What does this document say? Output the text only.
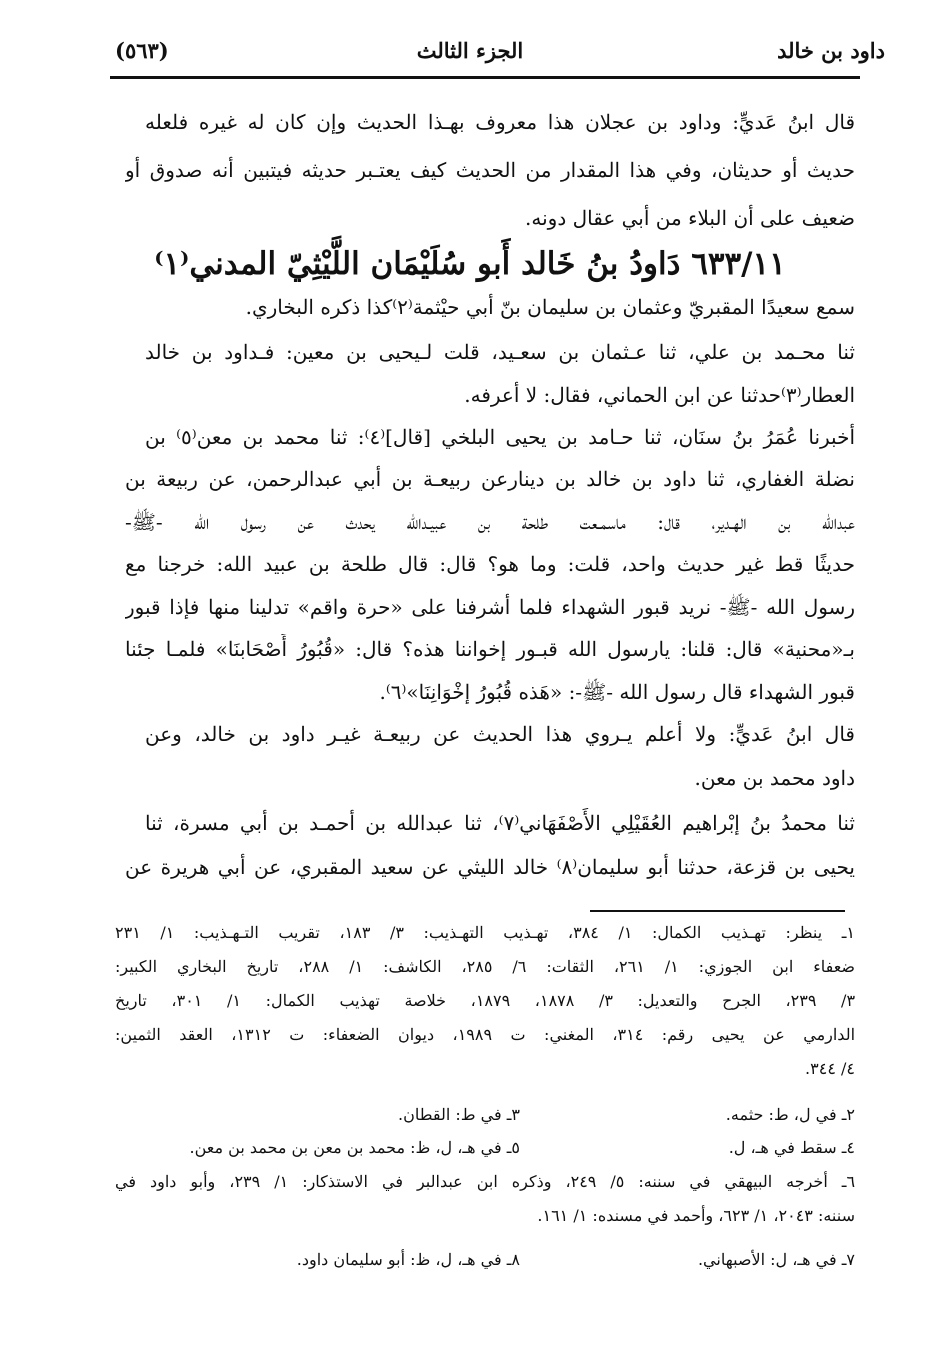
داود بن خالد
الجزء الثالث
(٥٦٣)
قال ابنُ عَديٍّ: وداود بن عجلان هذا معروف بهـذا الحديث وإن كان له غيره فلعله
حديث أو حديثان، وفي هذا المقدار من الحديث كيف يعتـبر حديثه فيتبين أنه صدوق أو
ضعيف على أن البلاء من أبي عقال دونه.
٦٣٣/١١ دَاودُ بنُ خَالد أَبو سُلَيْمَان اللَّيْثِيّ المدني⁽١⁾
سمع سعيدًا المقبريّ وعثمان بن سليمان بنّ أبي حيْثمة⁽٢⁾كذا ذكره البخاري.
ثنا محـمد بن علي، ثنا عـثمان بن سعـيد، قلت لـيحيى بن معين: فـداود بن خالد
العطار⁽٣⁾حدثنا عن ابن الحماني، فقال: لا أعرفه.
أخبرنا عُمَرُ بنُ سنَان، ثنا حـامد بن يحيى البلخي [قال]⁽٤⁾: ثنا محمد بن معن⁽٥⁾ بن
نضلة الغفاري، ثنا داود بن خالد بن دينارعن ربيعـة بن أبي عبدالرحمن، عن ربيعة بن
عبدالله بن الهـدير، قال: ماسمـعت طلحة بن عبيـدالله يحدث عن رسول الله -ﷺ-
حديثًا قط غير حديث واحد، قلت: وما هو؟ قال: قال طلحة بن عبيد الله: خرجنا مع
رسول الله -ﷺ- نريد قبور الشهداء فلما أشرفنا على «حرة واقم» تدلينا منها فإذا قبور
بـ«محنية» قال: قلنا: يارسول الله قبـور إخواننا هذه؟ قال: «قُبُورُ أَصْحَابنَا» فلمـا جئنا
قبور الشهداء قال رسول الله -ﷺ-: «هَذه قُبُورُ إخْوَانِنَا»⁽٦⁾.
قال ابنُ عَديٍّ: ولا أعلم يـروي هذا الحديث عن ربيعـة غيـر داود بن خالد، وعن
داود محمد بن معن.
ثنا محمدُ بنُ إبْراهيم العُقَيْلِي الأَصْفَهَاني⁽٧⁾، ثنا عبدالله بن أحمـد بن أبي مسرة، ثنا
يحيى بن قزعة، حدثنا أبو سليمان⁽٨⁾ خالد الليثي عن سعيد المقبري، عن أبي هريرة عن
١ـ ينظر: تهـذيب الكمال: ١/ ٣٨٤، تهـذيب التهـذيب: ٣/ ١٨٣، تقريب التـهـذيب: ١/ ٢٣١
ضعفاء ابن الجوزي: ١/ ٢٦١، الثقات: ٦/ ٢٨٥، الكاشف: ١/ ٢٨٨، تاريخ البخاري الكبير:
٣/ ٢٣٩، الجرح والتعديل: ٣/ ١٨٧٨، ١٨٧٩، خلاصة تهذيب الكمال: ١/ ٣٠١، تاريخ
الدارمي عن يحيى رقم: ٣١٤، المغني: ت ١٩٨٩، ديوان الضعفاء: ت ١٣١٢، العقد الثمين:
٤/ ٣٤٤.
٢ـ في ل، ط: حثمه.
٣ـ في ط: القطان.
٤ـ سقط في هـ، ل.
٥ـ في هـ، ل، ظ: محمد بن معن بن محمد بن معن.
٦ـ أخرجه البيهقي في سننه: ٥/ ٢٤٩، وذكره ابن عبدالبر في الاستذكار: ١/ ٢٣٩، وأبو داود في
سننه: ٢٠٤٣، ١/ ٦٢٣، وأحمد في مسنده: ١/ ١٦١.
٧ـ في هـ، ل: الأصبهاني.
٨ـ في هـ، ل، ظ: أبو سليمان داود.
